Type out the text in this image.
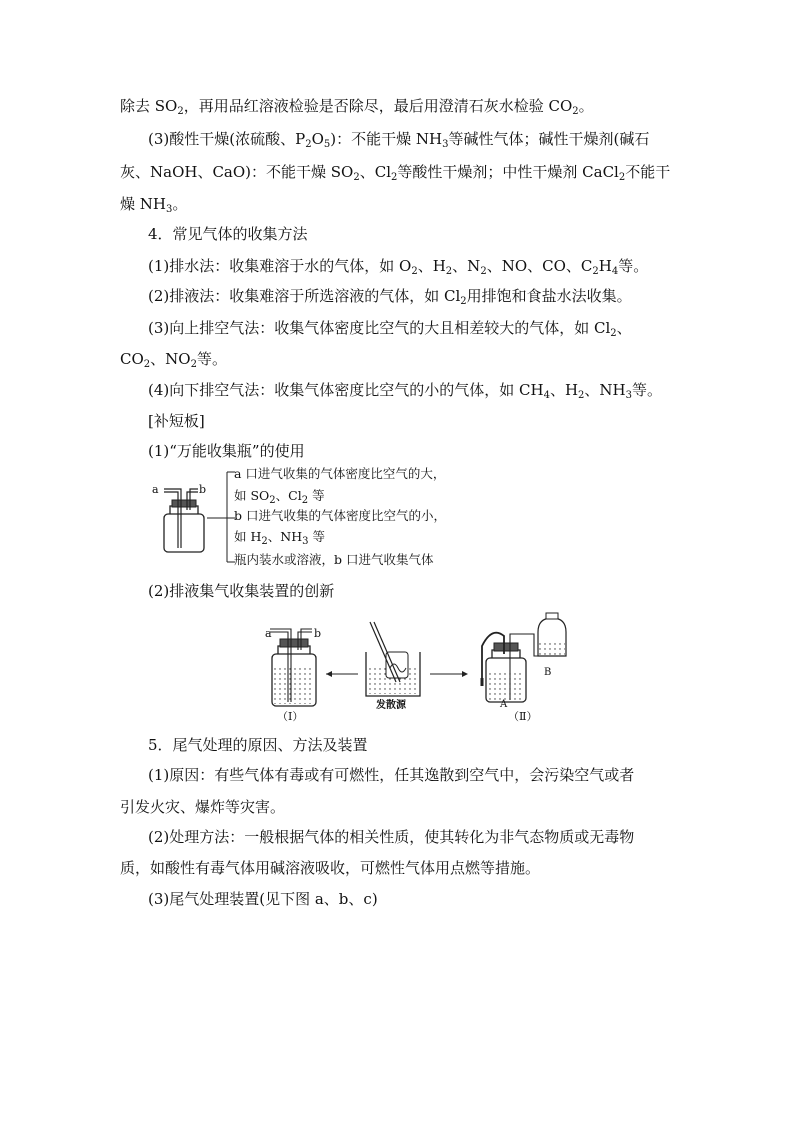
除去 $SO_2$，再用品红溶液检验是否除尽，最后用澄清石灰水检验 $CO_2$。
(3)酸性干燥(浓硫酸、$P_2O_5$)：不能干燥 $NH_3$等碱性气体；碱性干燥剂(碱石
灰、NaOH、CaO)：不能干燥 $SO_2$、$Cl_2$等酸性干燥剂；中性干燥剂 CaCl$_2$不能干
燥 $NH_3$。
4．常见气体的收集方法
(1)排水法：收集难溶于水的气体，如 $O_2$、$H_2$、$N_2$、NO、CO、$C_2H_4$等。
(2)排液法：收集难溶于所选溶液的气体，如 $Cl_2$用排饱和食盐水法收集。
(3)向上排空气法：收集气体密度比空气的大且相差较大的气体，如 $Cl_2$、
$CO_2$、$NO_2$等。
(4)向下排空气法：收集气体密度比空气的小的气体，如 $CH_4$、$H_2$、$NH_3$等。
[补短板]
(1)“万能收集瓶”的使用
a	b
a 口进气收集的气体密度比空气的大，
如 $SO_2$、$Cl_2$ 等
b 口进气收集的气体密度比空气的小，
如 $H_2$、$NH_3$ 等
瓶内装水或溶液，b 口进气收集气体
(2)排液集气收集装置的创新
a	b
（Ⅰ）
发散源	A
B
（Ⅱ）
5．尾气处理的原因、方法及装置
(1)原因：有些气体有毒或有可燃性，任其逸散到空气中，会污染空气或者
引发火灾、爆炸等灾害。
(2)处理方法：一般根据气体的相关性质，使其转化为非气态物质或无毒物
质，如酸性有毒气体用碱溶液吸收，可燃性气体用点燃等措施。
(3)尾气处理装置(见下图 a、b、c)
